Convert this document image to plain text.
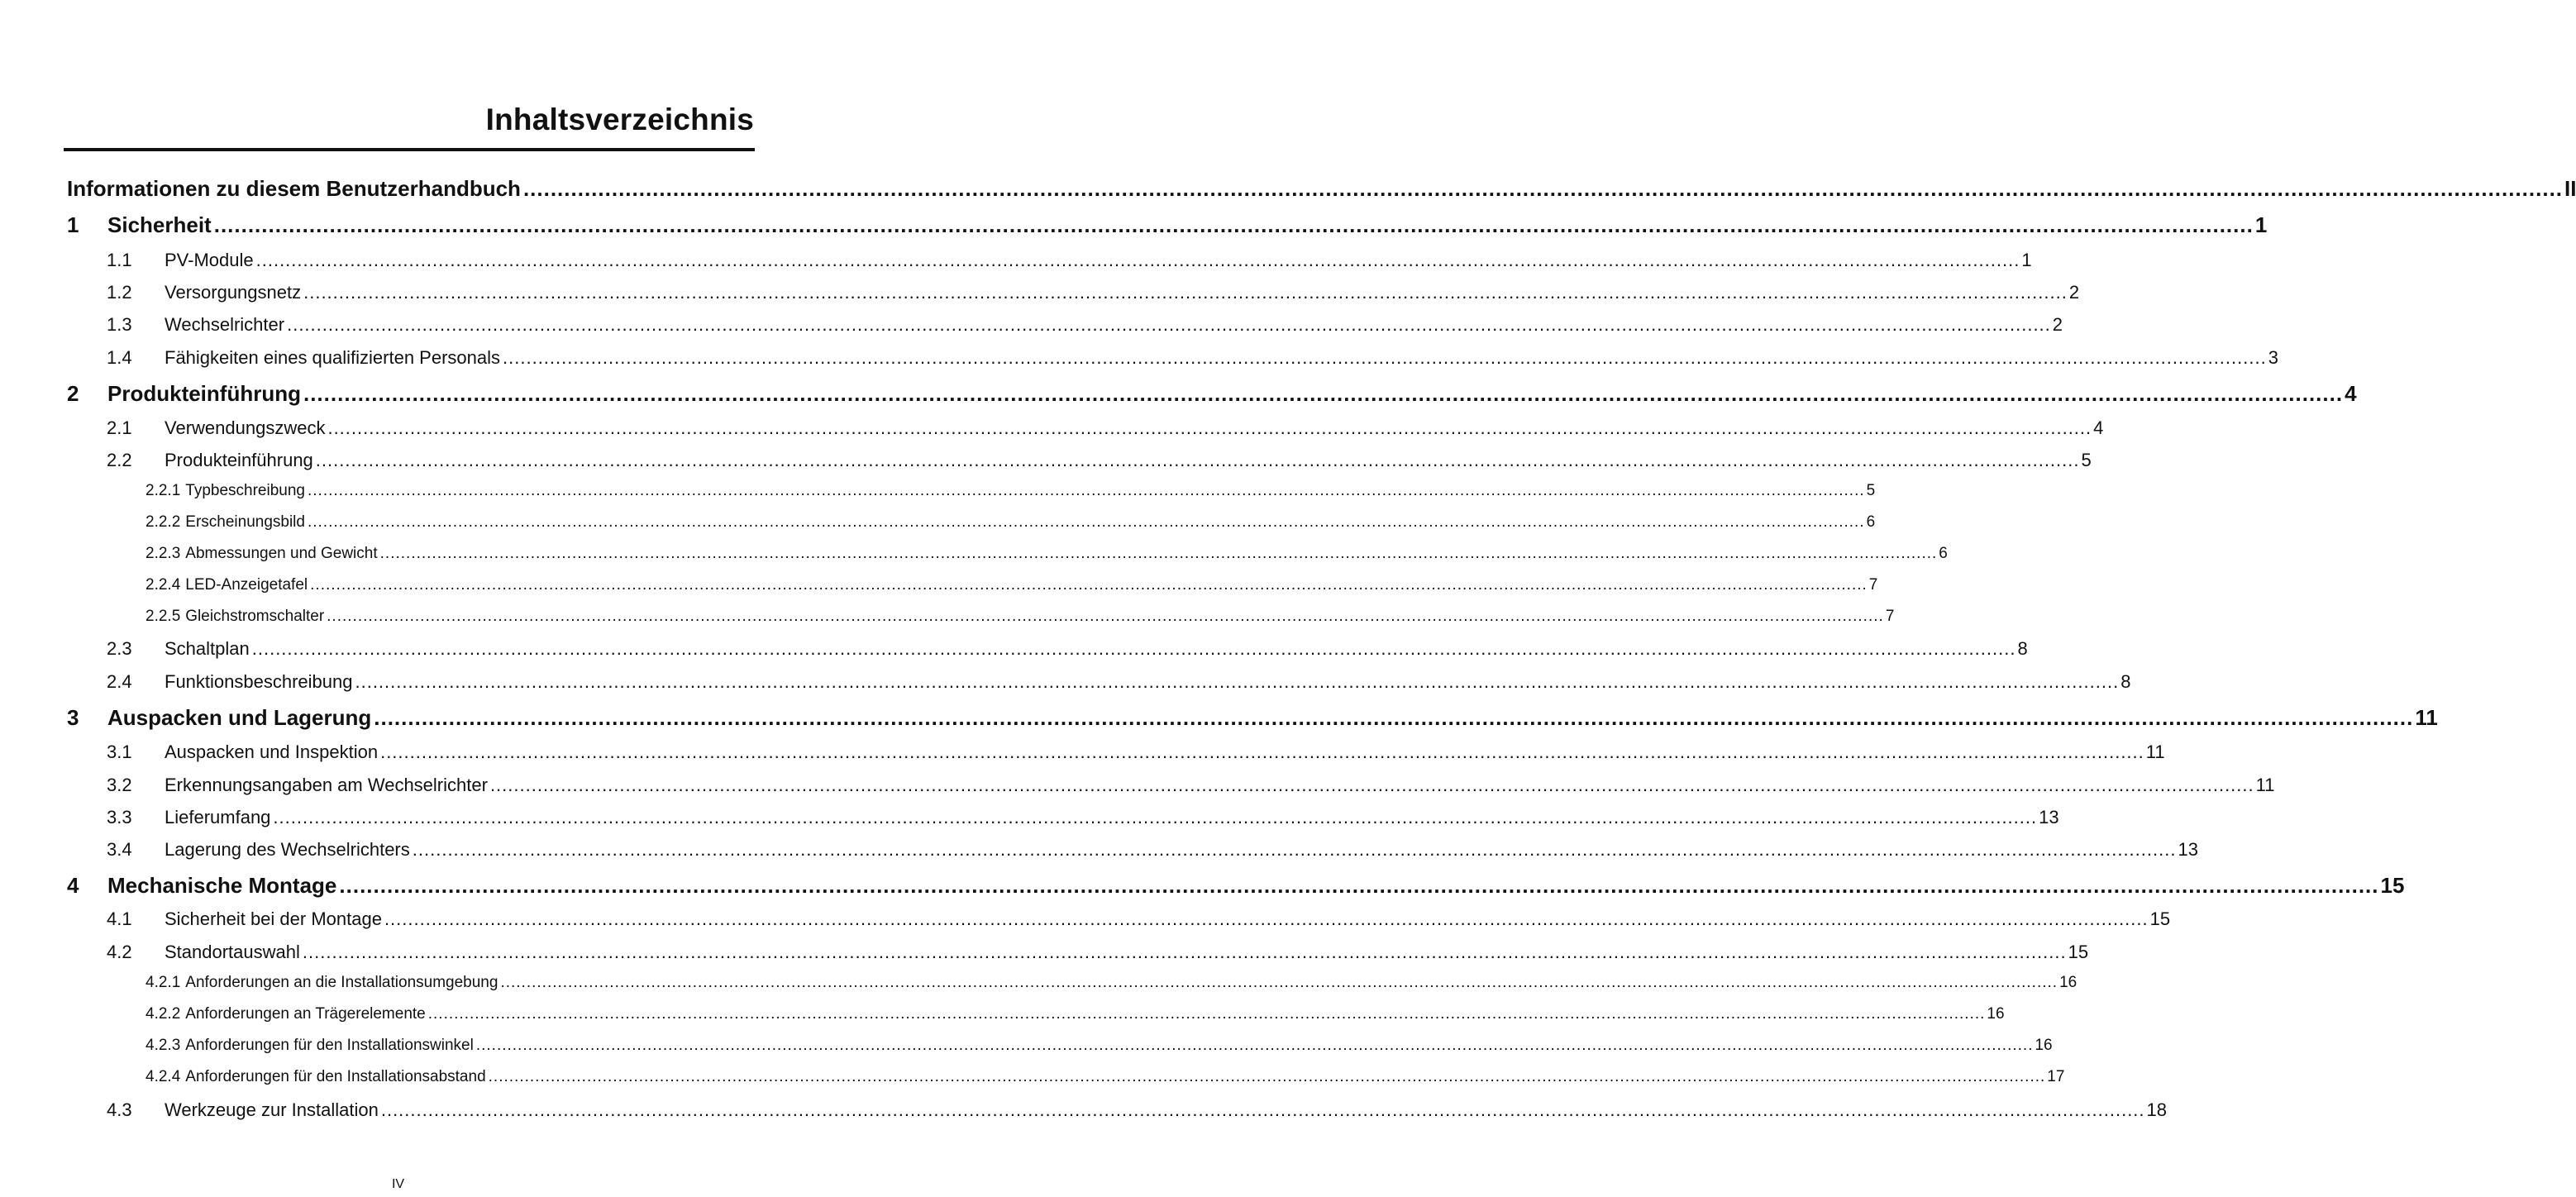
Inhaltsverzeichnis
Informationen zu diesem Benutzerhandbuch ............................................................................................................................................................................................................................................................................................................ II
1	Sicherheit ............................................................................................................................................................................................................................................................................................................ 1
1.1	PV-Module ............................................................................................................................................................................................................................................................................................................ 1
1.2	Versorgungsnetz ............................................................................................................................................................................................................................................................................................................ 2
1.3	Wechselrichter ............................................................................................................................................................................................................................................................................................................ 2
1.4	Fähigkeiten eines qualifizierten Personals ............................................................................................................................................................................................................................................................................................................ 3
2	Produkteinführung ............................................................................................................................................................................................................................................................................................................ 4
2.1	Verwendungszweck ............................................................................................................................................................................................................................................................................................................ 4
2.2	Produkteinführung ............................................................................................................................................................................................................................................................................................................ 5
2.2.1 Typbeschreibung ............................................................................................................................................................................................................................................................................................................ 5
2.2.2 Erscheinungsbild ............................................................................................................................................................................................................................................................................................................ 6
2.2.3 Abmessungen und Gewicht ............................................................................................................................................................................................................................................................................................................ 6
2.2.4 LED-Anzeigetafel ............................................................................................................................................................................................................................................................................................................ 7
2.2.5 Gleichstromschalter ............................................................................................................................................................................................................................................................................................................ 7
2.3	Schaltplan ............................................................................................................................................................................................................................................................................................................ 8
2.4	Funktionsbeschreibung ............................................................................................................................................................................................................................................................................................................ 8
3	Auspacken und Lagerung ............................................................................................................................................................................................................................................................................................................ 11
3.1	Auspacken und Inspektion ............................................................................................................................................................................................................................................................................................................ 11
3.2	Erkennungsangaben am Wechselrichter ............................................................................................................................................................................................................................................................................................................ 11
3.3	Lieferumfang ............................................................................................................................................................................................................................................................................................................ 13
3.4	Lagerung des Wechselrichters ............................................................................................................................................................................................................................................................................................................ 13
4	Mechanische Montage ............................................................................................................................................................................................................................................................................................................ 15
4.1	Sicherheit bei der Montage ............................................................................................................................................................................................................................................................................................................ 15
4.2	Standortauswahl ............................................................................................................................................................................................................................................................................................................ 15
4.2.1 Anforderungen an die Installationsumgebung ............................................................................................................................................................................................................................................................................................................ 16
4.2.2 Anforderungen an Trägerelemente ............................................................................................................................................................................................................................................................................................................ 16
4.2.3 Anforderungen für den Installationswinkel ............................................................................................................................................................................................................................................................................................................ 16
4.2.4 Anforderungen für den Installationsabstand ............................................................................................................................................................................................................................................................................................................ 17
4.3	Werkzeuge zur Installation ............................................................................................................................................................................................................................................................................................................ 18
IV
